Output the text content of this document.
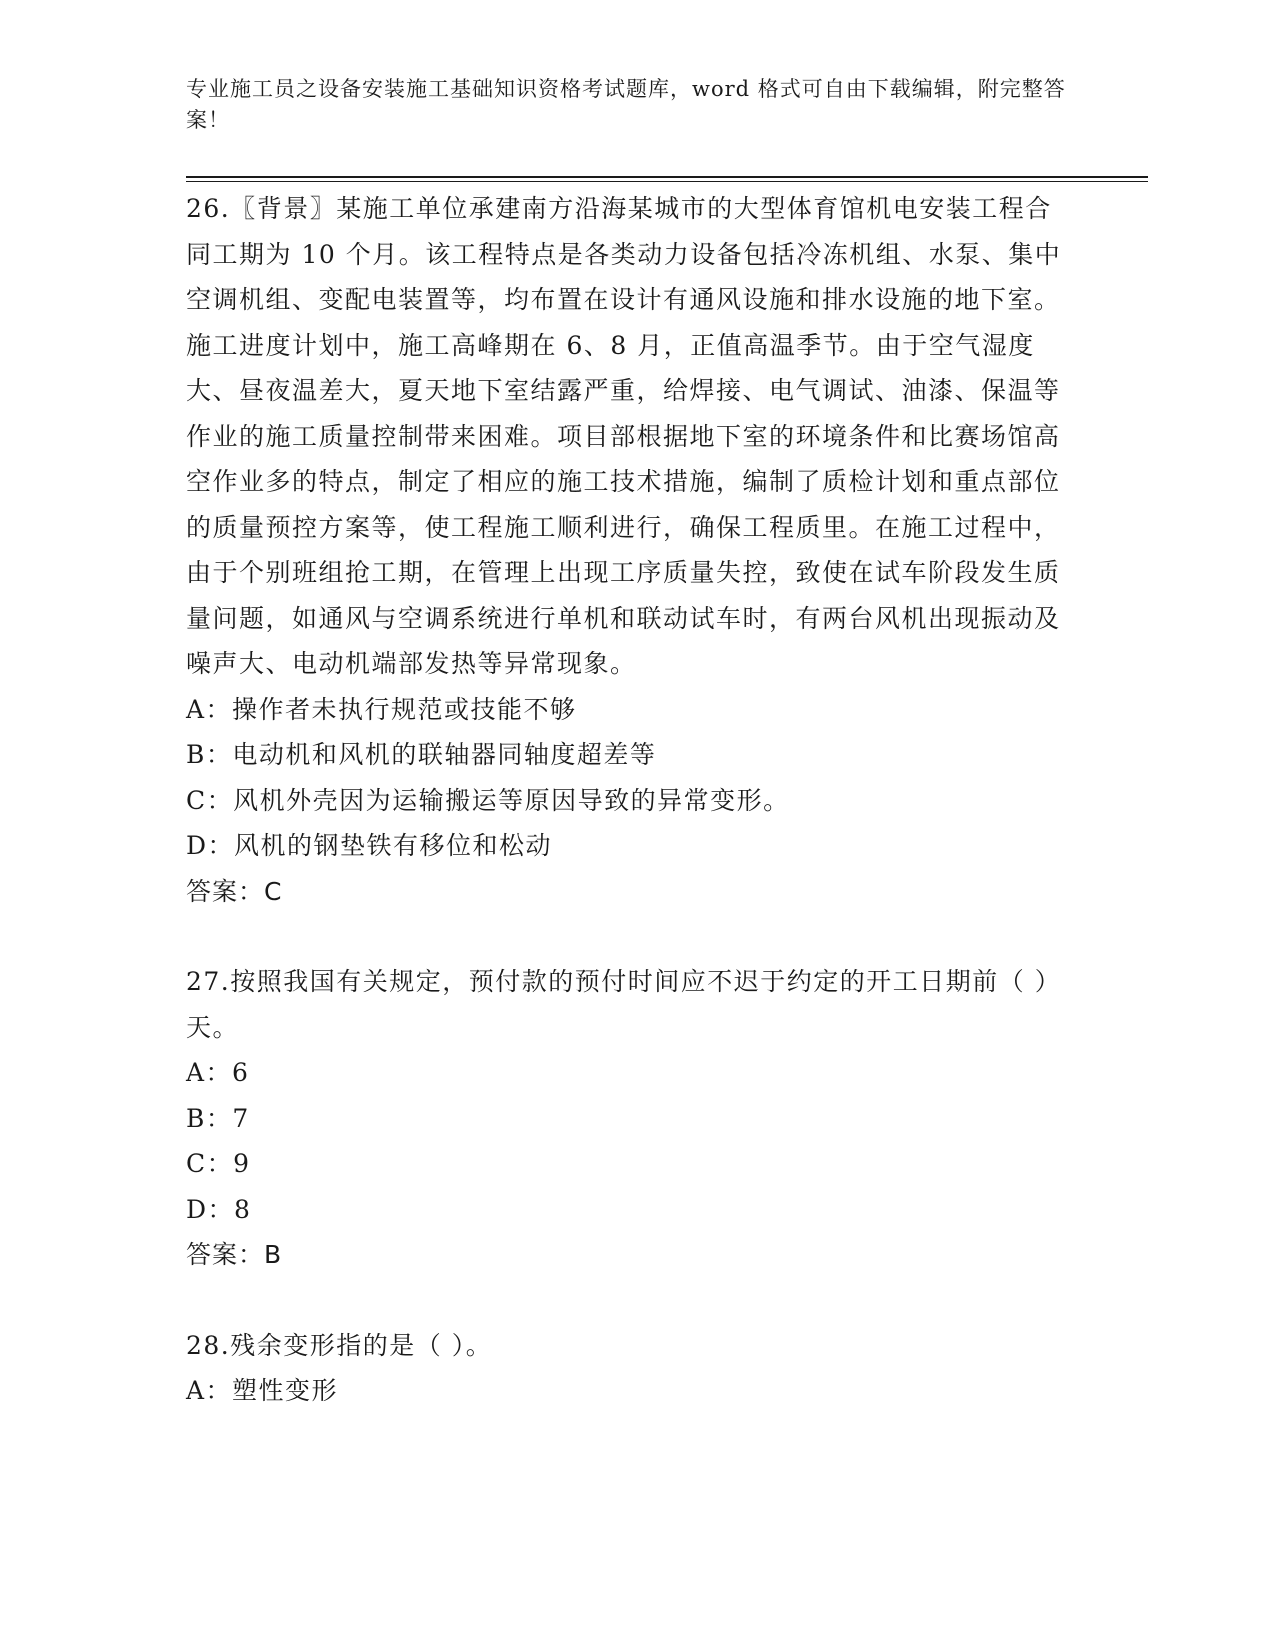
专业施工员之设备安装施工基础知识资格考试题库，word 格式可自由下载编辑，附完整答案！

26.〖背景〗某施工单位承建南方沿海某城市的大型体育馆机电安装工程合同工期为 10 个月。该工程特点是各类动力设备包括冷冻机组、水泵、集中空调机组、变配电装置等，均布置在设计有通风设施和排水设施的地下室。施工进度计划中，施工高峰期在 6、8 月，正值高温季节。由于空气湿度大、昼夜温差大，夏天地下室结露严重，给焊接、电气调试、油漆、保温等作业的施工质量控制带来困难。项目部根据地下室的环境条件和比赛场馆高空作业多的特点，制定了相应的施工技术措施，编制了质检计划和重点部位的质量预控方案等，使工程施工顺利进行，确保工程质里。在施工过程中，由于个别班组抢工期，在管理上出现工序质量失控，致使在试车阶段发生质量问题，如通风与空调系统进行单机和联动试车时，有两台风机出现振动及噪声大、电动机端部发热等异常现象。

A：操作者未执行规范或技能不够

B：电动机和风机的联轴器同轴度超差等

C：风机外壳因为运输搬运等原因导致的异常变形。

D：风机的钢垫铁有移位和松动

答案：C

27.按照我国有关规定，预付款的预付时间应不迟于约定的开工日期前（ ）天。

A：6

B：7

C：9

D：8

答案：B

28.残余变形指的是（ ）。

A：塑性变形
